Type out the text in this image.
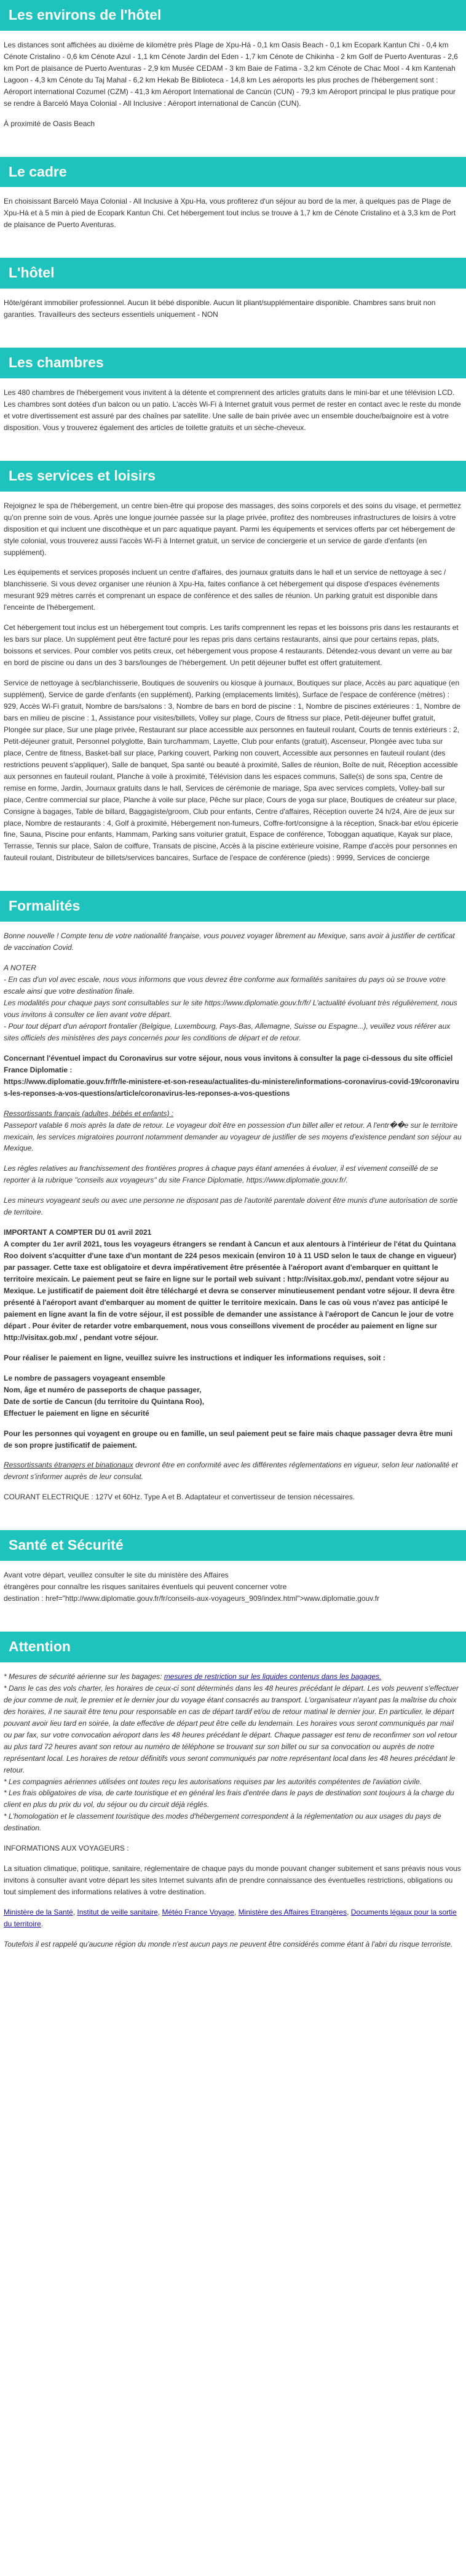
Les environs de l'hôtel

Les distances sont affichées au dixième de kilomètre près Plage de Xpu-Há - 0,1 km Oasis Beach - 0,1 km Ecopark Kantun Chi - 0,4 km Cénote Cristalino - 0,6 km Cénote Azul - 1,1 km Cénote Jardin del Eden - 1,7 km Cénote de Chikinha - 2 km Golf de Puerto Aventuras - 2,6 km Port de plaisance de Puerto Aventuras - 2,9 km Musée CEDAM - 3 km Baie de Fatima - 3,2 km Cénote de Chac Mool - 4 km Kantenah Lagoon - 4,3 km Cénote du Taj Mahal - 6,2 km Hekab Be Biblioteca - 14,8 km Les aéroports les plus proches de l'hébergement sont : Aéroport international Cozumel (CZM) - 41,3 km Aéroport International de Cancún (CUN) - 79,3 km Aéroport principal le plus pratique pour se rendre à Barceló Maya Colonial - All Inclusive : Aéroport international de Cancún (CUN).

À proximité de Oasis Beach

Le cadre

En choisissant Barceló Maya Colonial - All Inclusive à Xpu-Ha, vous profiterez d'un séjour au bord de la mer, à quelques pas de Plage de Xpu-Há et à 5 min à pied de Ecopark Kantun Chi. Cet hébergement tout inclus se trouve à 1,7 km de Cénote Cristalino et à 3,3 km de Port de plaisance de Puerto Aventuras.

L'hôtel

Hôte/gérant immobilier professionnel. Aucun lit bébé disponible. Aucun lit pliant/supplémentaire disponible. Chambres sans bruit non garanties. Travailleurs des secteurs essentiels uniquement - NON

Les chambres

Les 480 chambres de l'hébergement vous invitent à la détente et comprennent des articles gratuits dans le mini-bar et une télévision LCD. Les chambres sont dotées d'un balcon ou un patio. L'accès Wi-Fi à Internet gratuit vous permet de rester en contact avec le reste du monde et votre divertissement est assuré par des chaînes par satellite. Une salle de bain privée avec un ensemble douche/baignoire est à votre disposition. Vous y trouverez également des articles de toilette gratuits et un sèche-cheveux.

Les services et loisirs

Rejoignez le spa de l'hébergement, un centre bien-être qui propose des massages, des soins corporels et des soins du visage, et permettez qu'on prenne soin de vous. Après une longue journée passée sur la plage privée, profitez des nombreuses infrastructures de loisirs à votre disposition et qui incluent une discothèque et un parc aquatique payant. Parmi les équipements et services offerts par cet hébergement de style colonial, vous trouverez aussi l'accès Wi-Fi à Internet gratuit, un service de conciergerie et un service de garde d'enfants (en supplément).

Les équipements et services proposés incluent un centre d'affaires, des journaux gratuits dans le hall et un service de nettoyage à sec / blanchisserie. Si vous devez organiser une réunion à Xpu-Ha, faites confiance à cet hébergement qui dispose d'espaces événements mesurant 929 mètres carrés et comprenant un espace de conférence et des salles de réunion. Un parking gratuit est disponible dans l'enceinte de l'hébergement.

Cet hébergement tout inclus est un hébergement tout compris. Les tarifs comprennent les repas et les boissons pris dans les restaurants et les bars sur place. Un supplément peut être facturé pour les repas pris dans certains restaurants, ainsi que pour certains repas, plats, boissons et services. Pour combler vos petits creux, cet hébergement vous propose 4 restaurants. Détendez-vous devant un verre au bar en bord de piscine ou dans un des 3 bars/lounges de l'hébergement. Un petit déjeuner buffet est offert gratuitement.

Service de nettoyage à sec/blanchisserie, Boutiques de souvenirs ou kiosque à journaux, Boutiques sur place, Accès au parc aquatique (en supplément), Service de garde d'enfants (en supplément), Parking (emplacements limités), Surface de l'espace de conférence (mètres) : 929, Accès Wi-Fi gratuit, Nombre de bars/salons : 3, Nombre de bars en bord de piscine : 1, Nombre de piscines extérieures : 1, Nombre de bars en milieu de piscine : 1, Assistance pour visites/billets, Volley sur plage, Cours de fitness sur place, Petit-déjeuner buffet gratuit, Plongée sur place, Sur une plage privée, Restaurant sur place accessible aux personnes en fauteuil roulant, Courts de tennis extérieurs : 2, Petit-déjeuner gratuit, Personnel polyglotte, Bain turc/hammam, Layette, Club pour enfants (gratuit), Ascenseur, Plongée avec tuba sur place, Centre de fitness, Basket-ball sur place, Parking couvert, Parking non couvert, Accessible aux personnes en fauteuil roulant (des restrictions peuvent s'appliquer), Salle de banquet, Spa santé ou beauté à proximité, Salles de réunion, Boîte de nuit, Réception accessible aux personnes en fauteuil roulant, Planche à voile à proximité, Télévision dans les espaces communs, Salle(s) de sons spa, Centre de remise en forme, Jardin, Journaux gratuits dans le hall, Services de cérémonie de mariage, Spa avec services complets, Volley-ball sur place, Centre commercial sur place, Planche à voile sur place, Pêche sur place, Cours de yoga sur place, Boutiques de créateur sur place, Consigne à bagages, Table de billard, Baggagiste/groom, Club pour enfants, Centre d'affaires, Réception ouverte 24 h/24, Aire de jeux sur place, Nombre de restaurants : 4, Golf à proximité, Hébergement non-fumeurs, Coffre-fort/consigne à la réception, Snack-bar et/ou épicerie fine, Sauna, Piscine pour enfants, Hammam, Parking sans voiturier gratuit, Espace de conférence, Toboggan aquatique, Kayak sur place, Terrasse, Tennis sur place, Salon de coiffure, Transats de piscine, Accès à la piscine extérieure voisine, Rampe d'accès pour personnes en fauteuil roulant, Distributeur de billets/services bancaires, Surface de l'espace de conférence (pieds) : 9999, Services de concierge

Formalités

Bonne nouvelle ! Compte tenu de votre nationalité française, vous pouvez voyager librement au Mexique, sans avoir à justifier de certificat de vaccination Covid.

A NOTER

- En cas d'un vol avec escale, nous vous informons que vous devrez être conforme aux formalités sanitaires du pays où se trouve votre escale ainsi que votre destination finale.

Les modalités pour chaque pays sont consultables sur le site https://www.diplomatie.gouv.fr/fr/ L'actualité évoluant très régulièrement, nous vous invitons à consulter ce lien avant votre départ.

- Pour tout départ d'un aéroport frontalier (Belgique, Luxembourg, Pays-Bas, Allemagne, Suisse ou Espagne...), veuillez vous référer aux sites officiels des ministères des pays concernés pour les conditions de départ et de retour.

Concernant l'éventuel impact du Coronavirus sur votre séjour, nous vous invitons à consulter la page ci-dessous du site officiel France Diplomatie :

https://www.diplomatie.gouv.fr/fr/le-ministere-et-son-reseau/actualites-du-ministere/informations-coronavirus-covid-19/coronavirus-les-reponses-a-vos-questions/article/coronavirus-les-reponses-a-vos-questions

Ressortissants français (adultes, bébés et enfants) :

Passeport valable 6 mois après la date de retour. Le voyageur doit être en possession d'un billet aller et retour. A l'entr��e sur le territoire mexicain, les services migratoires pourront notamment demander au voyageur de justifier de ses moyens d'existence pendant son séjour au Mexique.

Les règles relatives au franchissement des frontières propres à chaque pays étant amenées à évoluer, il est vivement conseillé de se reporter à la rubrique "conseils aux voyageurs" du site France Diplomatie, https://www.diplomatie.gouv.fr/.

Les mineurs voyageant seuls ou avec une personne ne disposant pas de l'autorité parentale doivent être munis d'une autorisation de sortie de territoire.

IMPORTANT A COMPTER DU 01 avril 2021
A compter du 1er avril 2021, tous les voyageurs étrangers se rendant à Cancun et aux alentours à l'intérieur de l'état du Quintana Roo doivent s'acquitter d'une taxe d'un montant de 224 pesos mexicain (environ 10 à 11 USD selon le taux de change en vigueur) par passager. Cette taxe est obligatoire et devra impérativement être présentée à l'aéroport avant d'embarquer en quittant le territoire mexicain. Le paiement peut se faire en ligne sur le portail web suivant : http://visitax.gob.mx/, pendant votre séjour au Mexique. Le justificatif de paiement doit être téléchargé et devra se conserver minutieusement pendant votre séjour. Il devra être présenté à l'aéroport avant d'embarquer au moment de quitter le territoire mexicain. Dans le cas où vous n'avez pas anticipé le paiement en ligne avant la fin de votre séjour, il est possible de demander une assistance à l'aéroport de Cancun le jour de votre départ . Pour éviter de retarder votre embarquement, nous vous conseillons vivement de procéder au paiement en ligne sur http://visitax.gob.mx/ , pendant votre séjour.

Pour réaliser le paiement en ligne, veuillez suivre les instructions et indiquer les informations requises, soit :

Le nombre de passagers voyageant ensemble
Nom, âge et numéro de passeports de chaque passager,
Date de sortie de Cancun (du territoire du Quintana Roo),
Effectuer le paiement en ligne en sécurité

Pour les personnes qui voyagent en groupe ou en famille, un seul paiement peut se faire mais chaque passager devra être muni de son propre justificatif de paiement.

Ressortissants étrangers et binationaux devront être en conformité avec les différentes réglementations en vigueur, selon leur nationalité et devront s'informer auprès de leur consulat.

COURANT ELECTRIQUE : 127V et 60Hz. Type A et B. Adaptateur et convertisseur de tension nécessaires.

Santé et Sécurité

Avant votre départ, veuillez consulter le site du ministère des Affaires
étrangères pour connaître les risques sanitaires éventuels qui peuvent concerner votre
destination : href="http://www.diplomatie.gouv.fr/fr/conseils-aux-voyageurs_909/index.html">www.diplomatie.gouv.fr

Attention

* Mesures de sécurité aérienne sur les bagages: mesures de restriction sur les liquides contenus dans les bagages.

* Dans le cas des vols charter, les horaires de ceux-ci sont déterminés dans les 48 heures précédant le départ. Les vols peuvent s'effectuer de jour comme de nuit, le premier et le dernier jour du voyage étant consacrés au transport. L'organisateur n'ayant pas la maîtrise du choix des horaires, il ne saurait être tenu pour responsable en cas de départ tardif et/ou de retour matinal le dernier jour. En particulier, le départ pouvant avoir lieu tard en soirée, la date effective de départ peut être celle du lendemain. Les horaires vous seront communiqués par mail ou par fax, sur votre convocation aéroport dans les 48 heures précédant le départ. Chaque passager est tenu de reconfirmer son vol retour au plus tard 72 heures avant son retour au numéro de téléphone se trouvant sur son billet ou sur sa convocation ou auprès de notre représentant local. Les horaires de retour définitifs vous seront communiqués par notre représentant local dans les 48 heures précédant le retour.

* Les compagnies aériennes utilisées ont toutes reçu les autorisations requises par les autorités compétentes de l'aviation civile.

* Les frais obligatoires de visa, de carte touristique et en général les frais d'entrée dans le pays de destination sont toujours à la charge du client en plus du prix du vol, du séjour ou du circuit déjà réglés.

* L'homologation et le classement touristique des modes d'hébergement correspondent à la réglementation ou aux usages du pays de destination.

INFORMATIONS AUX VOYAGEURS :

La situation climatique, politique, sanitaire, réglementaire de chaque pays du monde pouvant changer subitement et sans préavis nous vous invitons à consulter avant votre départ les sites Internet suivants afin de prendre connaissance des éventuelles restrictions, obligations ou tout simplement des informations relatives à votre destination.

Ministère de la Santé, Institut de veille sanitaire, Météo France Voyage, Ministère des Affaires Etrangères, Documents légaux pour la sortie du territoire.

Toutefois il est rappelé qu'aucune région du monde n'est aucun pays ne peuvent être considérés comme étant à l'abri du risque terroriste.
